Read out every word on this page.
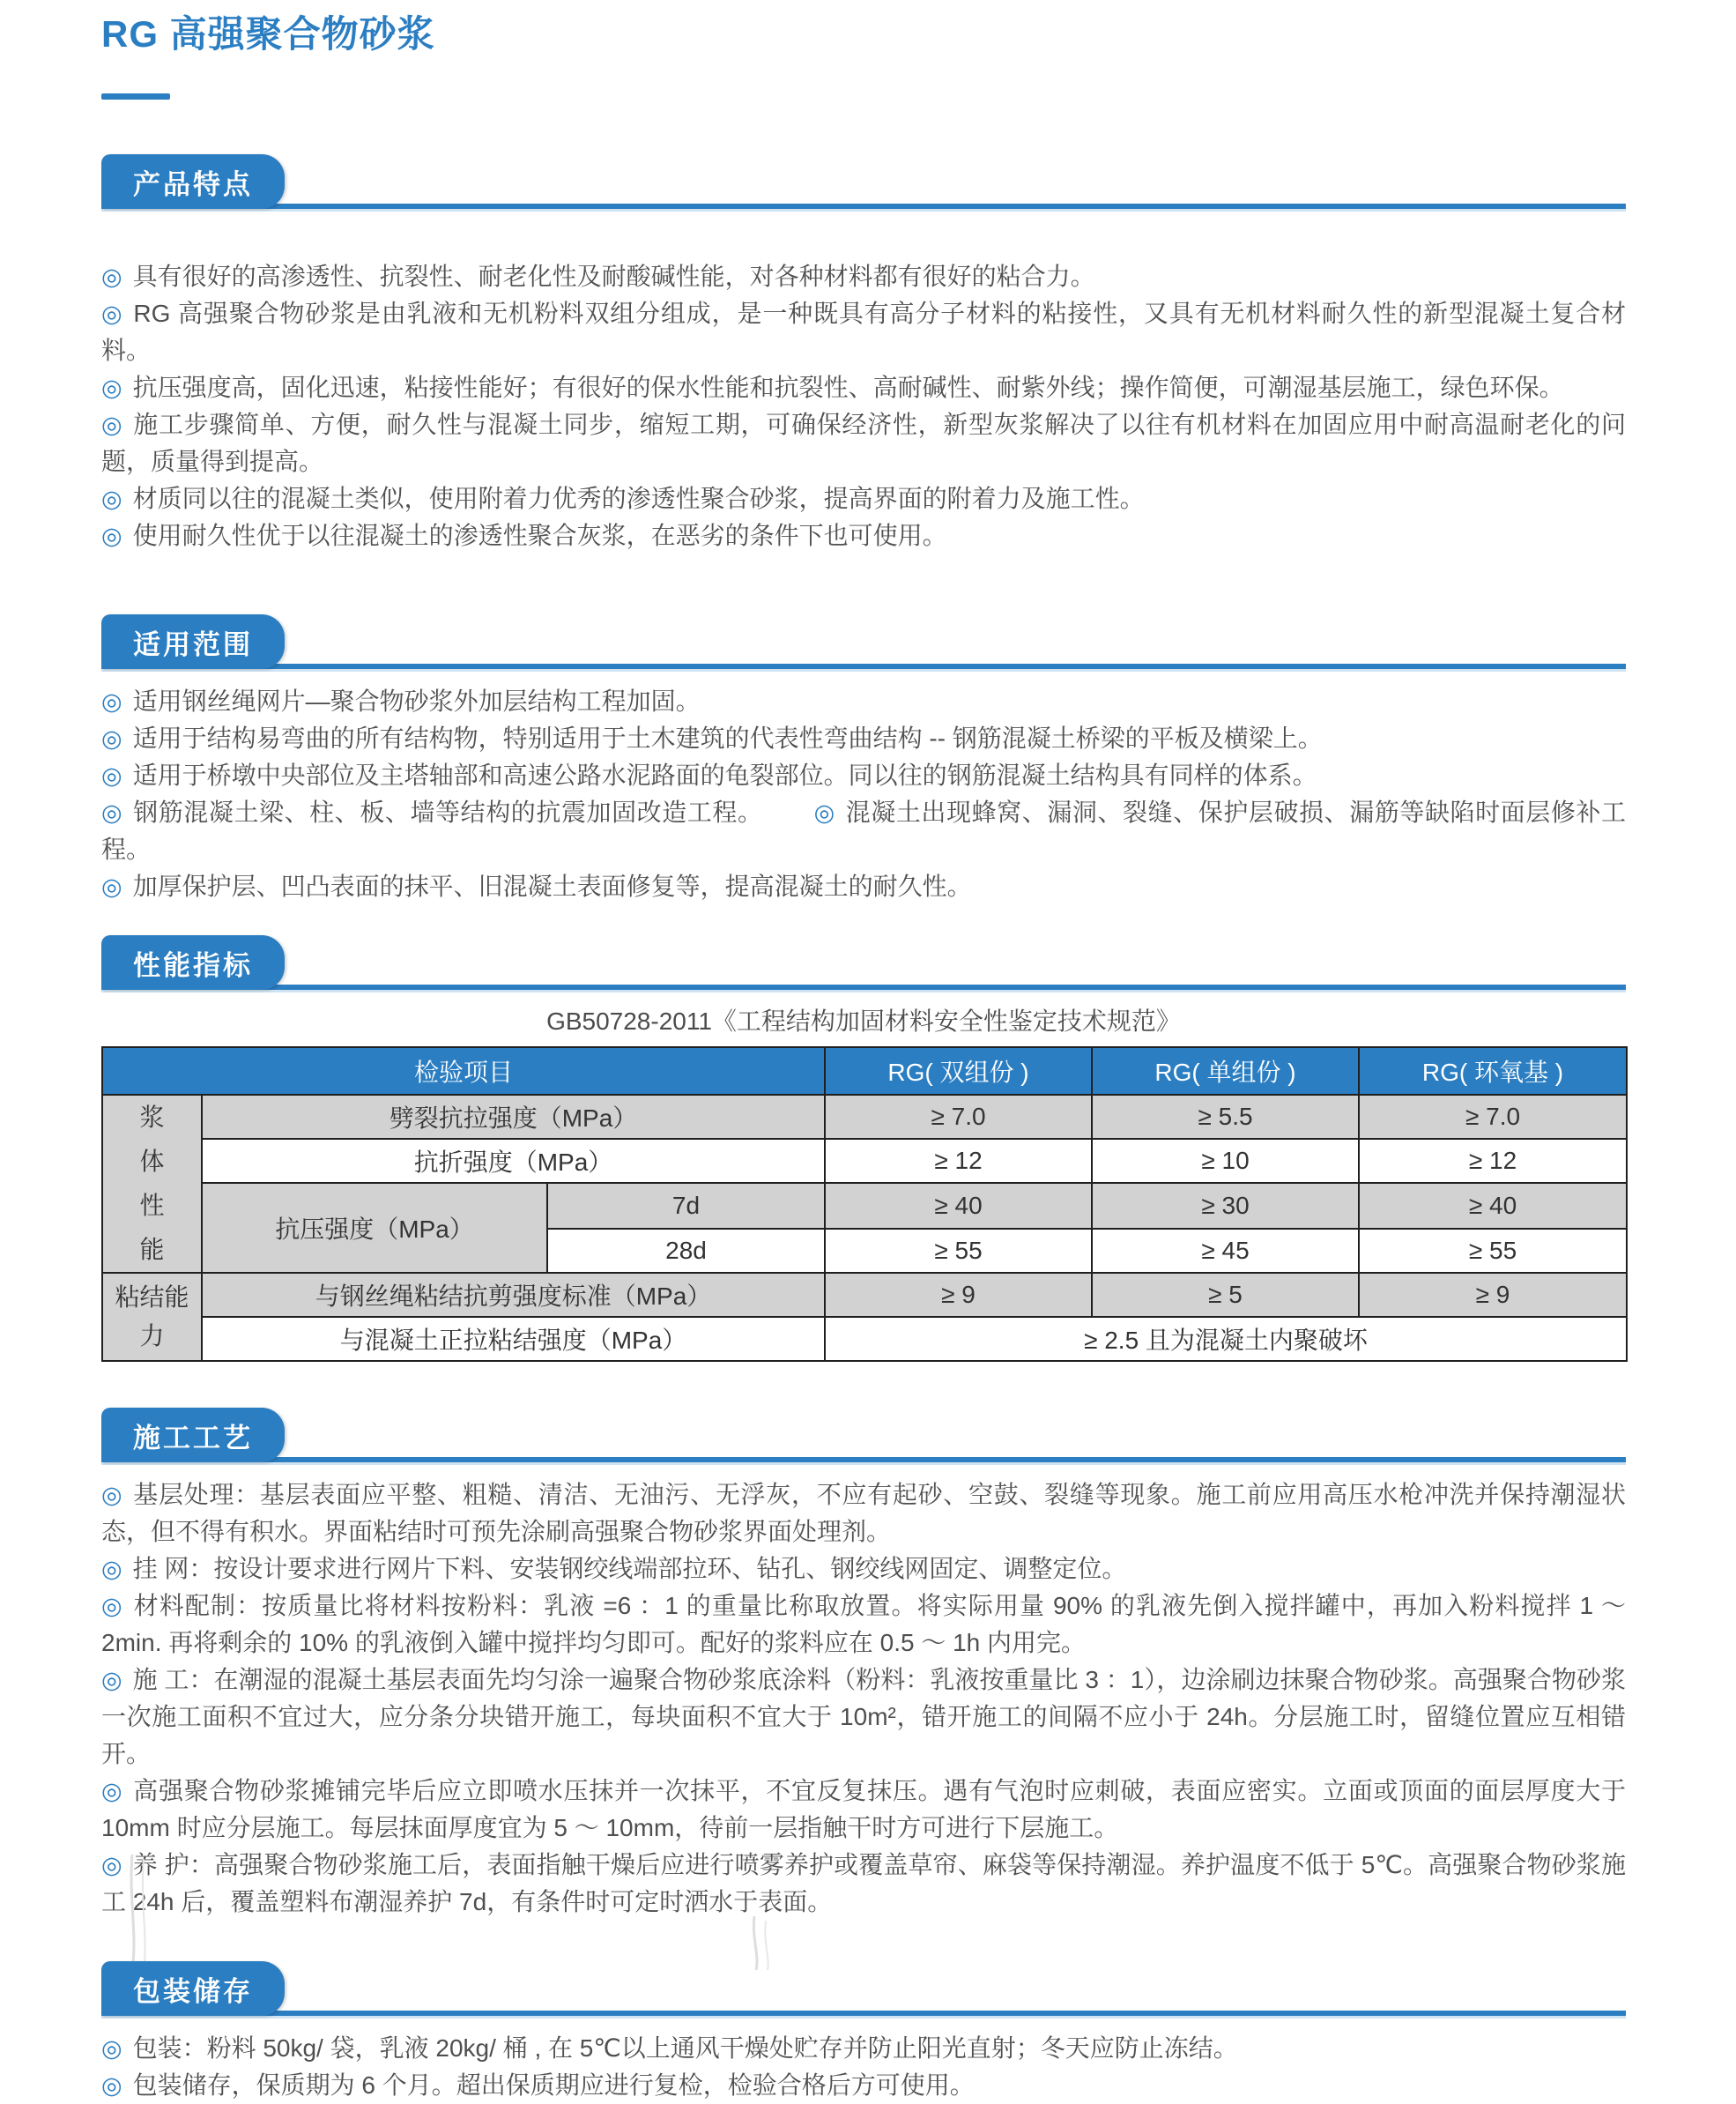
RG 高强聚合物砂浆
产品特点

◎ 具有很好的高渗透性、抗裂性、耐老化性及耐酸碱性能，对各种材料都有很好的粘合力。

◎ RG 高强聚合物砂浆是由乳液和无机粉料双组分组成，是一种既具有高分子材料的粘接性，又具有无机材料耐久性的新型混凝土复合材料。

◎ 抗压强度高，固化迅速，粘接性能好；有很好的保水性能和抗裂性、高耐碱性、耐紫外线；操作简便，可潮湿基层施工，绿色环保。

◎ 施工步骤简单、方便，耐久性与混凝土同步，缩短工期，可确保经济性，新型灰浆解决了以往有机材料在加固应用中耐高温耐老化的问题，质量得到提高。

◎ 材质同以往的混凝土类似，使用附着力优秀的渗透性聚合砂浆，提高界面的附着力及施工性。

◎ 使用耐久性优于以往混凝土的渗透性聚合灰浆，在恶劣的条件下也可使用。

适用范围

◎ 适用钢丝绳网片—聚合物砂浆外加层结构工程加固。

◎ 适用于结构易弯曲的所有结构物，特别适用于土木建筑的代表性弯曲结构 -- 钢筋混凝土桥梁的平板及横梁上。

◎ 适用于桥墩中央部位及主塔轴部和高速公路水泥路面的龟裂部位。同以往的钢筋混凝土结构具有同样的体系。

◎ 钢筋混凝土梁、柱、板、墙等结构的抗震加固改造工程。 ◎ 混凝土出现蜂窝、漏洞、裂缝、保护层破损、漏筋等缺陷时面层修补工程。

◎ 加厚保护层、凹凸表面的抹平、旧混凝土表面修复等，提高混凝土的耐久性。

性能指标
GB50728-2011《工程结构加固材料安全性鉴定技术规范》
检验项目			RG( 双组份 )	RG( 单组份 )	RG( 环氧基 )

浆体性能	劈裂抗拉强度（MPa）		≥ 7.0	≥ 5.5	≥ 7.0
	抗折强度（MPa）		≥ 12	≥ 10	≥ 12
	抗压强度（MPa）	7d	≥ 40	≥ 30	≥ 40
		28d	≥ 55	≥ 45	≥ 55

粘结能力	与钢丝绳粘结抗剪强度标准（MPa）		≥ 9	≥ 5	≥ 9
	与混凝土正拉粘结强度（MPa）		≥ 2.5 且为混凝土内聚破坏		
施工工艺

◎ 基层处理：基层表面应平整、粗糙、清洁、无油污、无浮灰，不应有起砂、空鼓、裂缝等现象。施工前应用高压水枪冲洗并保持潮湿状态，但不得有积水。界面粘结时可预先涂刷高强聚合物砂浆界面处理剂。

◎ 挂 网：按设计要求进行网片下料、安装钢绞线端部拉环、钻孔、钢绞线网固定、调整定位。

◎ 材料配制：按质量比将材料按粉料：乳液 =6 ：1 的重量比称取放置。将实际用量 90% 的乳液先倒入搅拌罐中，再加入粉料搅拌 1 ～ 2min. 再将剩余的 10% 的乳液倒入罐中搅拌均匀即可。配好的浆料应在 0.5 ～ 1h 内用完。

◎ 施 工：在潮湿的混凝土基层表面先均匀涂一遍聚合物砂浆底涂料（粉料：乳液按重量比 3 ：1），边涂刷边抹聚合物砂浆。高强聚合物砂浆一次施工面积不宜过大，应分条分块错开施工，每块面积不宜大于 10m²，错开施工的间隔不应小于 24h。分层施工时，留缝位置应互相错开。

◎ 高强聚合物砂浆摊铺完毕后应立即喷水压抹并一次抹平，不宜反复抹压。遇有气泡时应刺破，表面应密实。立面或顶面的面层厚度大于 10mm 时应分层施工。每层抹面厚度宜为 5 ～ 10mm，待前一层指触干时方可进行下层施工。

◎ 养 护：高强聚合物砂浆施工后，表面指触干燥后应进行喷雾养护或覆盖草帘、麻袋等保持潮湿。养护温度不低于 5℃。高强聚合物砂浆施工 24h 后，覆盖塑料布潮湿养护 7d，有条件时可定时洒水于表面。

包装储存

◎ 包装：粉料 50kg/ 袋，乳液 20kg/ 桶 , 在 5℃以上通风干燥处贮存并防止阳光直射；冬天应防止冻结。

◎ 包装储存，保质期为 6 个月。超出保质期应进行复检，检验合格后方可使用。
